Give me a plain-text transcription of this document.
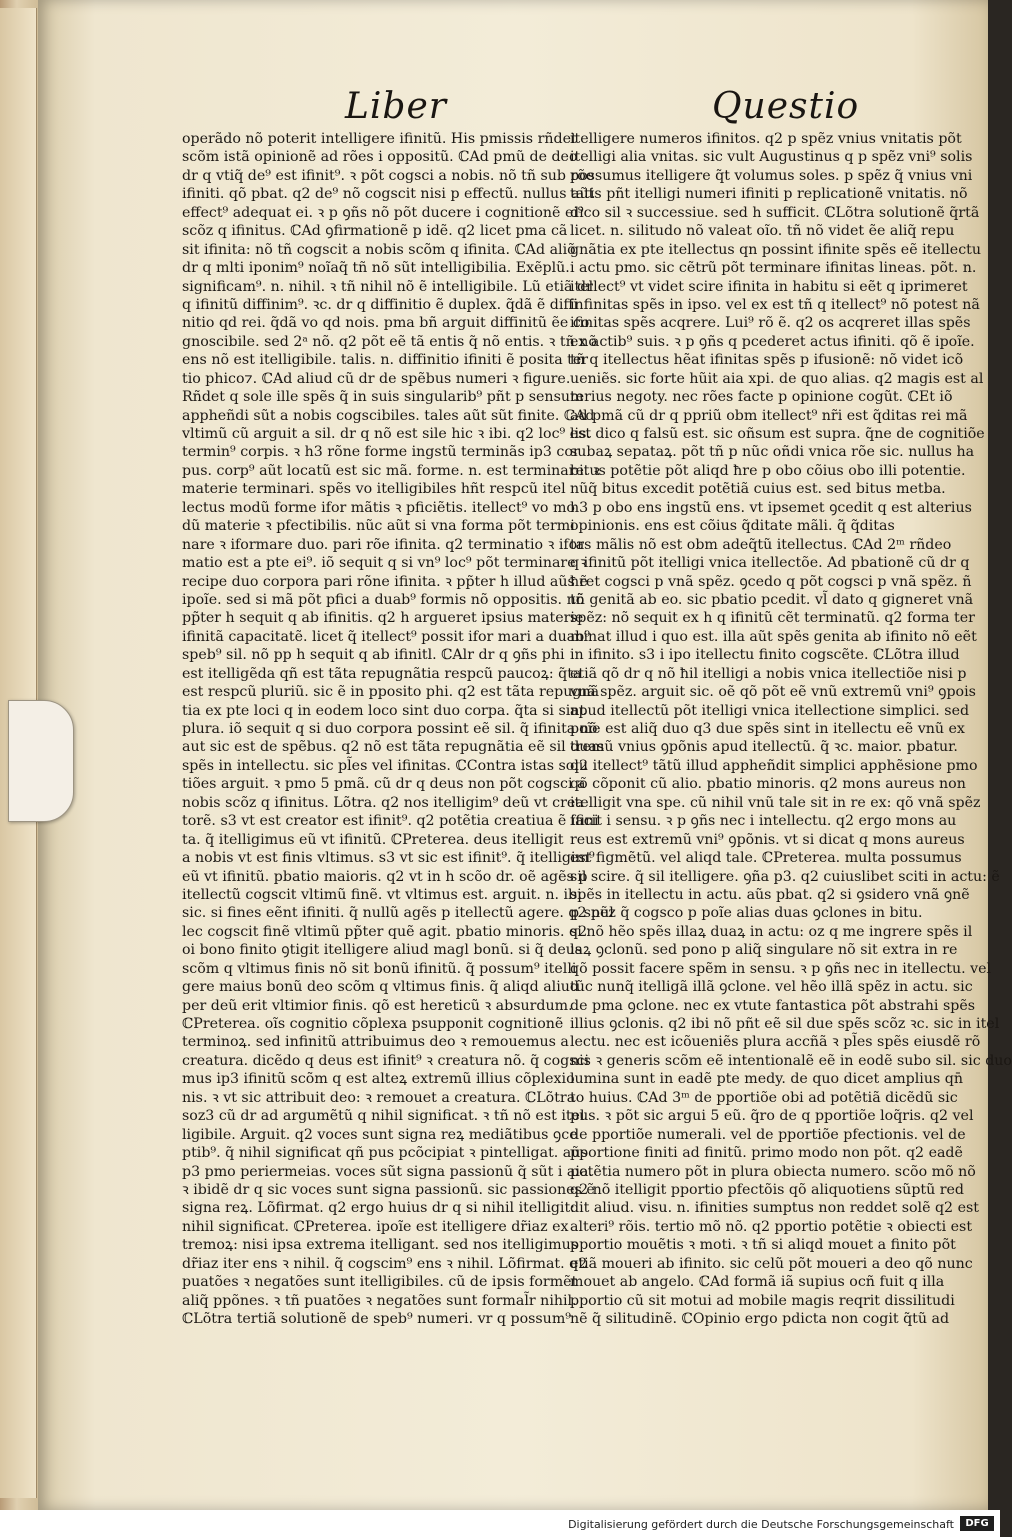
Liber	Questio
operãdo nõ poterit intelligere ifinitũ. His pmissis rñdet
scõm istã opinionẽ ad rões i oppositũ. ℂAd pmũ de deo
dr q vtiq̃ de⁹ est ifinit⁹. ꝛ põt cogsci a nobis. nõ tñ sub rõe
ifiniti. qõ pbat. q2 de⁹ nõ cogscit nisi p effectũ. nullus aũt
effect⁹ adequat ei. ꝛ p ꝯñs nõ põt ducere i cognitionẽ ei⁹
scõz q ifinitus. ℂAd ꝯfirmationẽ p idẽ. q2 licet pma cã
sit ifinita: nõ tñ cogscit a nobis scõm q ifinita. ℂAd aliõ
dr q mlti iponim⁹ noĩaq̃ tñ nõ sũt intelligibilia. Exẽplũ.
significam⁹. n. nihil. ꝛ tñ nihil nõ ẽ intelligibile. Lũ etiã dr
q ifinitũ diffinim⁹. ꝛc. dr q diffinitio ẽ duplex. q̃dã ẽ diffi
nitio qd rei. q̃dã vo qd nois. pma bñ arguit diffinitũ ẽe co
gnoscibile. sed 2ᵃ nõ. q2 põt eẽ tã entis q̃ nõ entis. ꝛ tñ nõ
ens nõ est itelligibile. talis. n. diffinitio ifiniti ẽ posita ter
tio phico⁊. ℂAd aliud cũ dr de spẽbus numeri ꝛ figure.
Rñdet q sole ille spẽs q̃ in suis singularib⁹ pñt p sensum
appheñdi sũt a nobis cogscibiles. tales aũt sũt finite. ℂAd
vltimũ cũ arguit a sil. dr q nõ est sile hic ꝛ ibi. q2 loc⁹ est
termin⁹ corpis. ꝛ h3 rõne forme ingstũ terminãs ip3 cor
pus. corp⁹ aũt locatũ est sic mã. forme. n. est terminare. ꝛ
materie terminari. spẽs vo itelligibiles hñt respcũ itel
lectus modũ forme ifor mãtis ꝛ pficiẽtis. itellect⁹ vo mo
dũ materie ꝛ pfectibilis. nũc aũt si vna forma põt termi
nare ꝛ iformare duo. pari rõe ifinita. q2 terminatio ꝛ ifor
matio est a pte ei⁹. iõ sequit q si vn⁹ loc⁹ põt terminare ꝛ
recipe duo corpora pari rõne ifinita. ꝛ pp̃ter h illud aũs ẽ
ipoĩe. sed si mã põt pfici a duab⁹ formis nõ oppositis. nõ
pp̃ter h sequit q ab ifinitis. q2 h argueret ipsius materie
ifinitã capacitatẽ. licet q̃ itellect⁹ possit ifor mari a duab⁹
speb⁹ sil. nõ pp h sequit q ab ifinitl. ℂAlr dr q ꝯñs phi
est itelligẽda qñ est tãta repugnãtia respcũ paucoꝝ: q̃ta
est respcũ pluriũ. sic ẽ in pposito phi. q2 est tãta repugnã
tia ex pte loci q in eodem loco sint duo corpa. q̃ta si sint
plura. iõ sequit q si duo corpora possint eẽ sil. q̃ ifinita nõ
aut sic est de spẽbus. q2 nõ est tãta repugnãtia eẽ sil duas
spẽs in intellectu. sic pl̃es vel ifinitas. ℂContra istas solu
tiões arguit. ꝛ pmo 5 pmã. cũ dr q deus non põt cogsci a
nobis scõz q ifinitus. Lõtra. q2 nos itelligim⁹ deũ vt crea
torẽ. s3 vt est creator est ifinit⁹. q2 potẽtia creatiua ẽ ifini
ta. q̃ itelligimus eũ vt ifinitũ. ℂPreterea. deus itelligit
a nobis vt est finis vltimus. s3 vt sic est ifinit⁹. q̃ itelligim⁹
eũ vt ifinitũ. pbatio maioris. q2 vt in h scõo dr. oẽ agẽs p
itellectũ cogscit vltimũ finẽ. vt vltimus est. arguit. n. ibi
sic. si fines eẽnt ifiniti. q̃ nullũ agẽs p itellectũ agere. q2 nul
lec cogscit finẽ vltimũ pp̃ter quẽ agit. pbatio minoris. q2
oi bono finito ꝯtigit itelligere aliud magl bonũ. si q̃ deus
scõm q vltimus finis nõ sit bonũ ifinitũ. q̃ possum⁹ itelli
gere maius bonũ deo scõm q vltimus finis. q̃ aliqd aliud
per deũ erit vltimior finis. qõ est hereticũ ꝛ absurdum.
ℂPreterea. oĩs cognitio cõplexa psupponit cognitionẽ
terminoꝝ. sed infinitũ attribuimus deo ꝛ remouemus a
creatura. dicẽdo q deus est ifinit⁹ ꝛ creatura nõ. q̃ cogsci
mus ip3 ifinitũ scõm q est alteꝝ extremũ illius cõplexio
nis. ꝛ vt sic attribuit deo: ꝛ remouet a creatura. ℂLõtra
soz3 cũ dr ad argumẽtũ q nihil significat. ꝛ tñ nõ est itel
ligibile. Arguit. q2 voces sunt signa reꝝ mediãtibus ꝯce
ptib⁹. q̃ nihil significat qñ pus pcõcipiat ꝛ pintelligat. aũs
p3 pmo periermeias. voces sũt signa passionũ q̃ sũt i aia.
ꝛ ibidẽ dr q sic voces sunt signa passionũ. sic passiones ẽ
signa reꝝ. Lõfirmat. q2 ergo huius dr q si nihil itelligit:
nihil significat. ℂPreterea. ipoĩe est itelligere dr̃iaz ex
tremoꝝ: nisi ipsa extrema itelligant. sed nos itelligimus
dr̃iaz iter ens ꝛ nihil. q̃ cogscim⁹ ens ꝛ nihil. Lõfirmat. q2
puatões ꝛ negatões sunt itelligibiles. cũ de ipsis formẽt
aliq̃ ppõnes. ꝛ tñ puatões ꝛ negatões sunt formal̃r nihil.
ℂLõtra tertiã solutionẽ de speb⁹ numeri. vr q possum⁹
itelligere numeros ifinitos. q2 p spẽz vnius vnitatis põt
itelligi alia vnitas. sic vult Augustinus q p spẽz vni⁹ solis
possumus itelligere q̃t volumus soles. p spẽz q̃ vnius vni
tatis pñt itelligi numeri ifiniti p replicationẽ vnitatis. nõ
dico sil ꝛ successiue. sed h sufficit. ℂLõtra solutionẽ q̃rtã
licet. n. silitudo nõ valeat oĩo. tñ nõ videt ẽe aliq̃ repu
gnãtia ex pte itellectus qn possint ifinite spẽs eẽ itellectu
i actu pmo. sic cẽtrũ põt terminare ifinitas lineas. põt. n.
itellect⁹ vt videt scire ifinita in habitu si eẽt q iprimeret
infinitas spẽs in ipso. vel ex est tñ q itellect⁹ nõ potest nã
ifinitas spẽs acqrere. Lui⁹ rõ ẽ. q2 os acqreret illas spẽs
ex actib⁹ suis. ꝛ p ꝯñs q pcederet actus ifiniti. qõ ẽ ipoĩe.
tñ q itellectus hẽat ifinitas spẽs p ifusionẽ: nõ videt icõ
ueniẽs. sic forte hũit aia xpi. de quo alias. q2 magis est al
terius negoty. nec rões facte p opinione cogũt. ℂEt iõ
ad pmã cũ dr q ppriũ obm itellect⁹ nr̃i est q̃ditas rei mã
lis. dico q falsũ est. sic oñsum est supra. q̃ne de cognitiõe
subaꝝ sepataꝝ. põt tñ p nũc oñdi vnica rõe sic. nullus ha
bitus potẽtie põt aliqd ħre p obo cõius obo illi potentie.
nũq̃ bitus excedit potẽtiã cuius est. sed bitus metba.
h3 p obo ens ingstũ ens. vt ipsemet ꝯcedit q est alterius
opinionis. ens est cõius q̃ditate mãli. q̃ q̃ditas
tas mãlis nõ est obm adeq̃tũ itellectus. ℂAd 2ᵐ rñdeo
q ifinitũ põt itelligi vnica itellectõe. Ad pbationẽ cũ dr q
ħret cogsci p vnã spẽz. ꝯcedo q põt cogsci p vnã spẽz. ñ
tñ genitã ab eo. sic pbatio pcedit. vl̃ dato q gigneret vnã
spẽz: nõ sequit ex h q ifinitũ cẽt terminatũ. q2 forma ter
minat illud i quo est. illa aũt spẽs genita ab ifinito nõ eẽt
in ifinito. s3 i ipo itellectu finito cogscẽte. ℂLõtra illud
etiã qõ dr q nõ ħil itelligi a nobis vnica itellectiõe nisi p
vnã spẽz. arguit sic. oẽ qõ põt eẽ vnũ extremũ vni⁹ ꝯpois
apud itellectũ põt itelligi vnica itellectione simplici. sed
poĩe est aliq̃ duo q3 due spẽs sint in itellectu eẽ vnũ ex
tremũ vnius ꝯpõnis apud itellectũ. q̃ ꝛc. maior. pbatur.
q2 itellect⁹ tãtũ illud appheñdit simplici apphẽsione pmo
qõ cõponit cũ alio. pbatio minoris. q2 mons aureus non
itelligit vna spe. cũ nihil vnũ tale sit in re ex: qõ vnã spẽz
facit i sensu. ꝛ p ꝯñs nec i intellectu. q2 ergo mons au
reus est extremũ vni⁹ ꝯpõnis. vt si dicat q mons aureus
est figmẽtũ. vel aliqd tale. ℂPreterea. multa possumus
sil scire. q̃ sil itelligere. ꝯña p3. q2 cuiuslibet sciti in actu: ẽ
spẽs in itellectu in actu. aũs pbat. q2 si ꝯsidero vnã ꝯnẽ
p spẽz q̃ cogsco p poĩe alias duas ꝯclones in bitu.
si nõ hẽo spẽs illaꝝ duaꝝ in actu: oz q me ingrere spẽs il
laꝝ ꝯclonũ. sed pono p aliq̃ singulare nõ sit extra in re
qõ possit facere spẽm in sensu. ꝛ p ꝯñs nec in itellectu. vel
tũc nunq̃ itelligã illã ꝯclone. vel hẽo illã spẽz in actu. sic
de pma ꝯclone. nec ex vtute fantastica põt abstrahi spẽs
illius ꝯclonis. q2 ibi nõ pñt eẽ sil due spẽs scõz ꝛc. sic in itel
lectu. nec est icõueniẽs plura accñã ꝛ pl̃es spẽs eiusdẽ rõ
nis ꝛ generis scõm eẽ intentionalẽ eẽ in eodẽ subo sil. sic duo
lumina sunt in eadẽ pte medy. de quo dicet amplius qn̄
to huius. ℂAd 3ᵐ de pportiõe obi ad potẽtiã dicẽdũ sic
pus. ꝛ põt sic argui 5 eũ. q̃ro de q pportiõe loq̃ris. q2 vel
de pportiõe numerali. vel de pportiõe pfectionis. vel de
pportione finiti ad finitũ. primo modo non põt. q2 eadẽ
potẽtia numero põt in plura obiecta numero. scõo mõ nõ
q2 nõ itelligit pportio pfectõis qõ aliquotiens sũptũ red
dit aliud. visu. n. ifinities sumptus non reddet solẽ q2 est
alteri⁹ rõis. tertio mõ nõ. q2 pportio potẽtie ꝛ obiecti est
pportio mouẽtis ꝛ moti. ꝛ tñ si aliqd mouet a finito põt
etiã moueri ab ifinito. sic celũ põt moueri a deo qõ nunc
mouet ab angelo. ℂAd formã iã supius ocñ fuit q illa
pportio cũ sit motui ad mobile magis reqrit dissilitudi
nẽ q̃ silitudinẽ. ℂOpinio ergo pdicta non cogit q̃tũ ad
Digitalisierung gefördert durch die Deutsche Forschungsgemeinschaft	DFG
